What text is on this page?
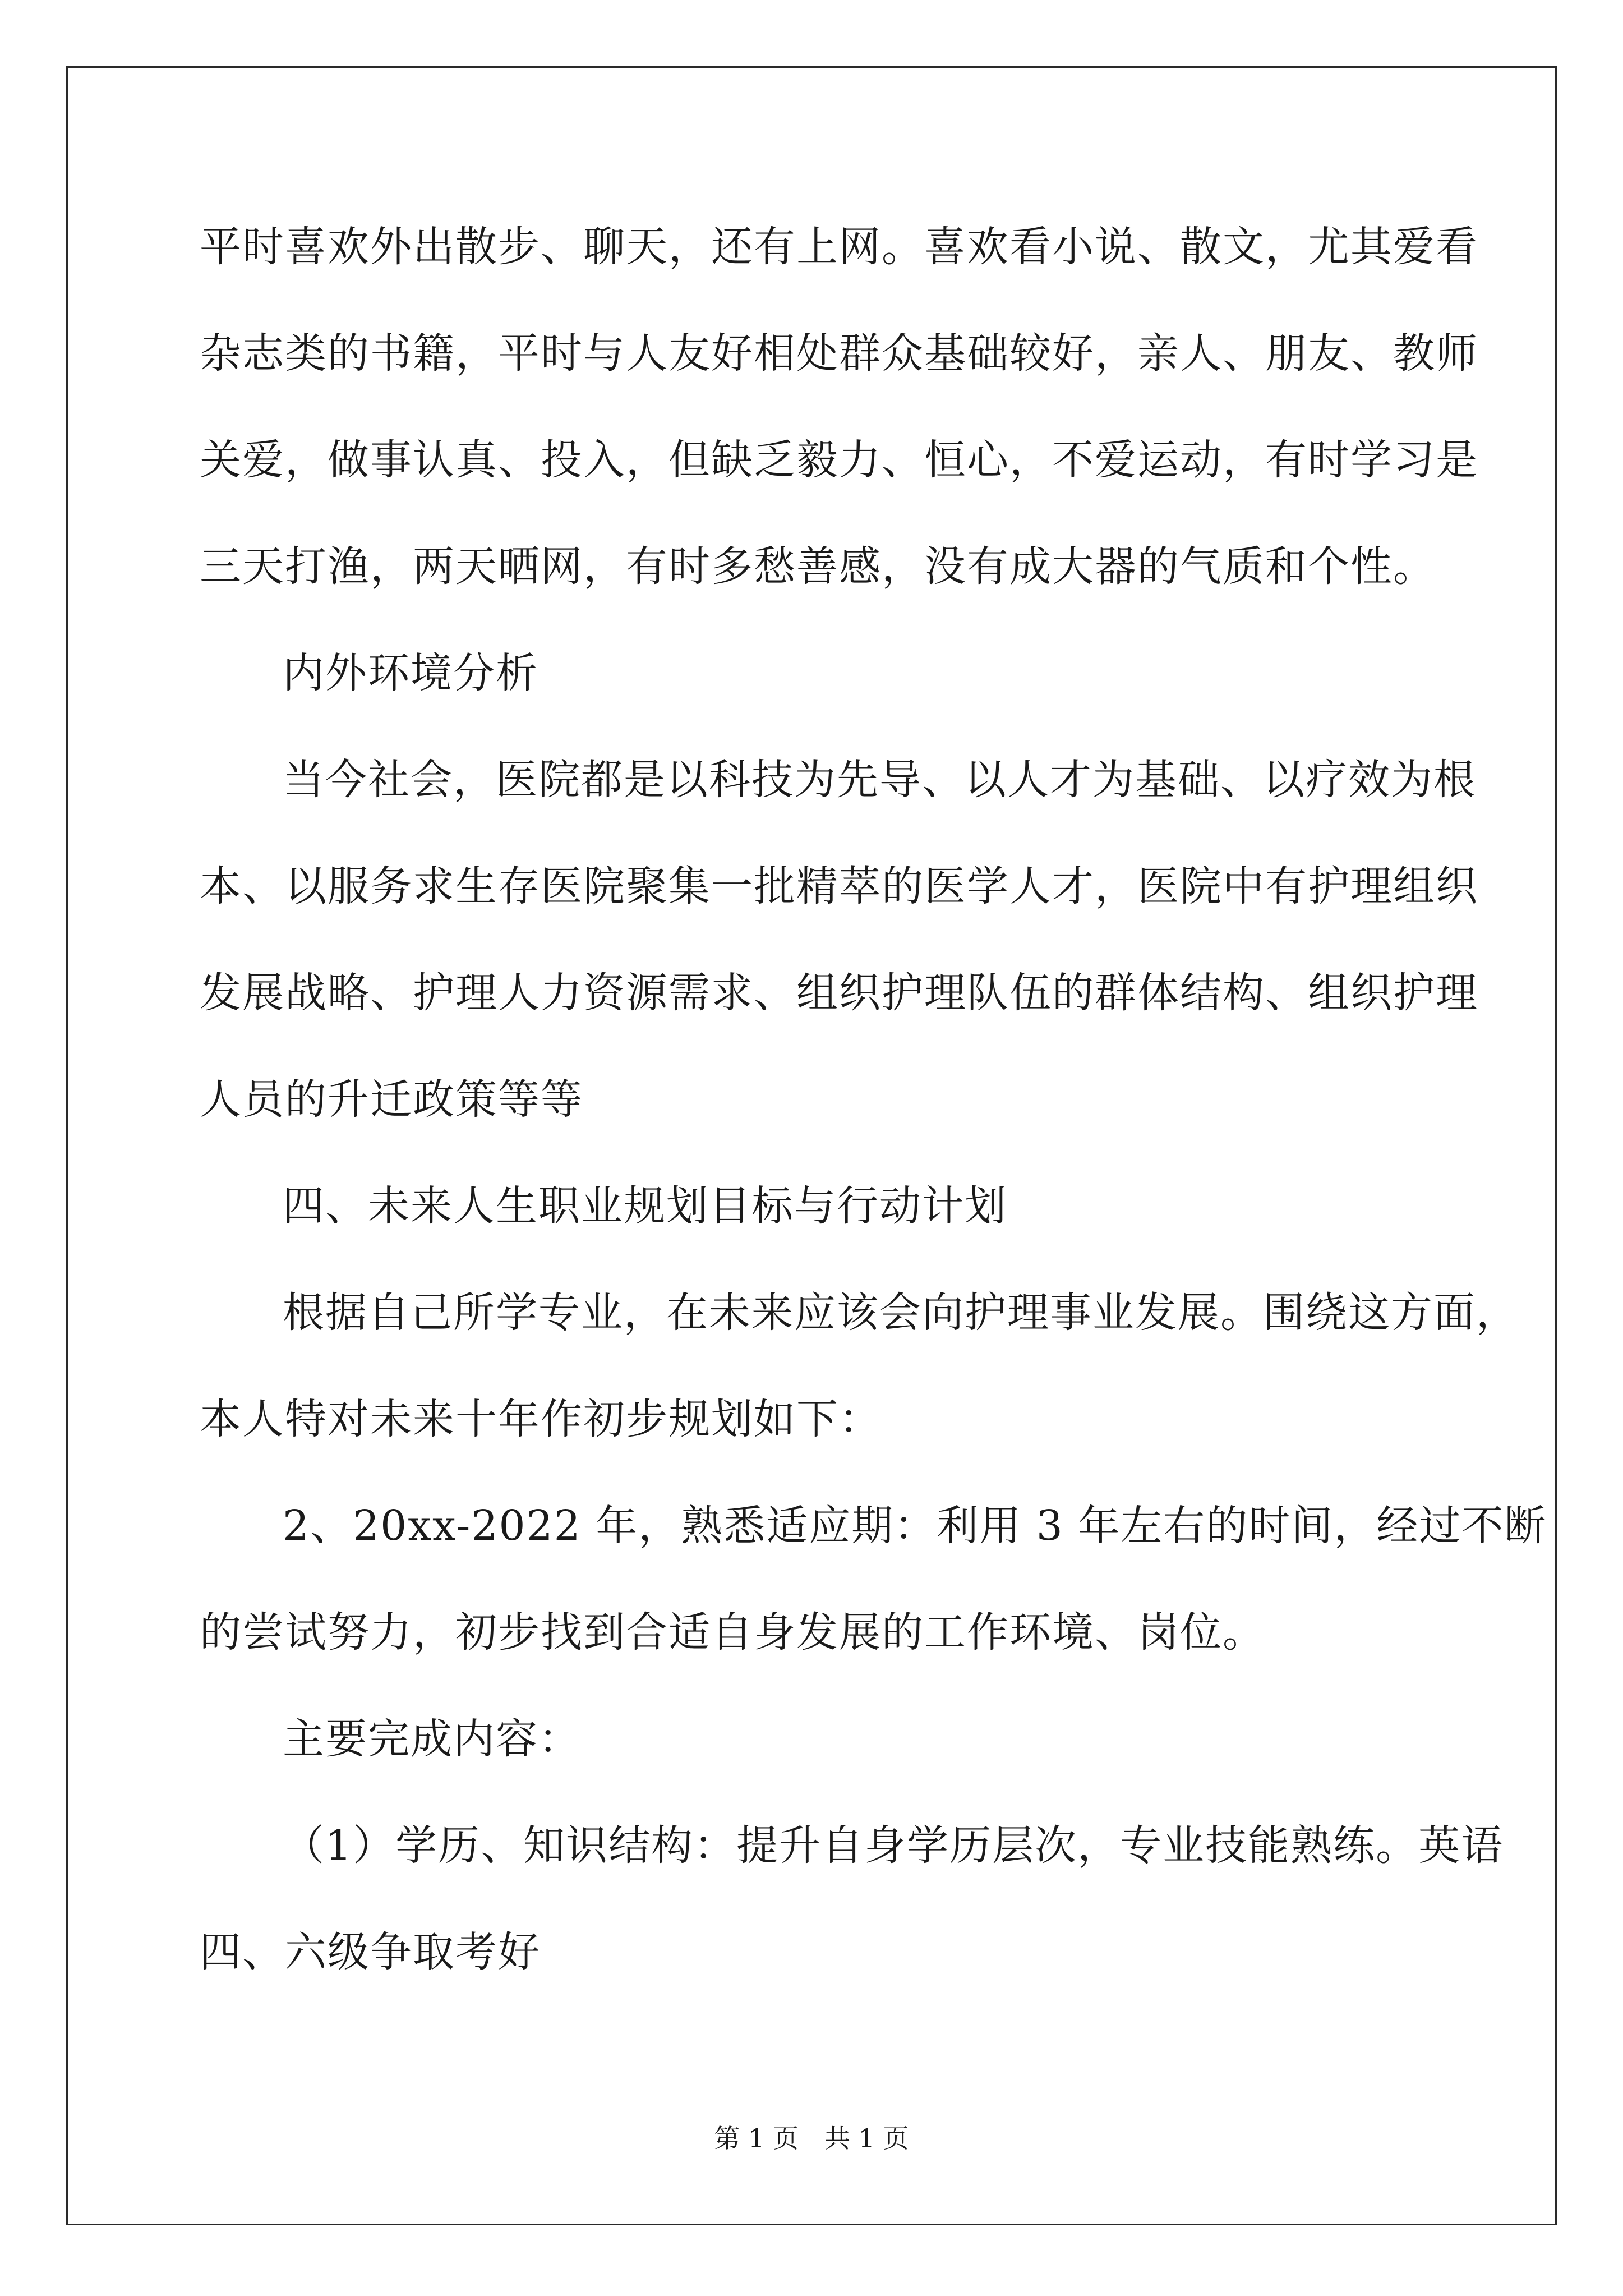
平时喜欢外出散步、聊天，还有上网。喜欢看小说、散文，尤其爱看
杂志类的书籍，平时与人友好相处群众基础较好，亲人、朋友、教师
关爱，做事认真、投入，但缺乏毅力、恒心，不爱运动，有时学习是
三天打渔，两天晒网，有时多愁善感，没有成大器的气质和个性。
内外环境分析
当今社会，医院都是以科技为先导、以人才为基础、以疗效为根
本、以服务求生存医院聚集一批精萃的医学人才，医院中有护理组织
发展战略、护理人力资源需求、组织护理队伍的群体结构、组织护理
人员的升迁政策等等
四、未来人生职业规划目标与行动计划
根据自己所学专业，在未来应该会向护理事业发展。围绕这方面，
本人特对未来十年作初步规划如下：
2、20xx-2022 年，熟悉适应期：利用 3 年左右的时间，经过不断
的尝试努力，初步找到合适自身发展的工作环境、岗位。
主要完成内容：
（1）学历、知识结构：提升自身学历层次，专业技能熟练。英语
四、六级争取考好
第 1 页　共 1 页
